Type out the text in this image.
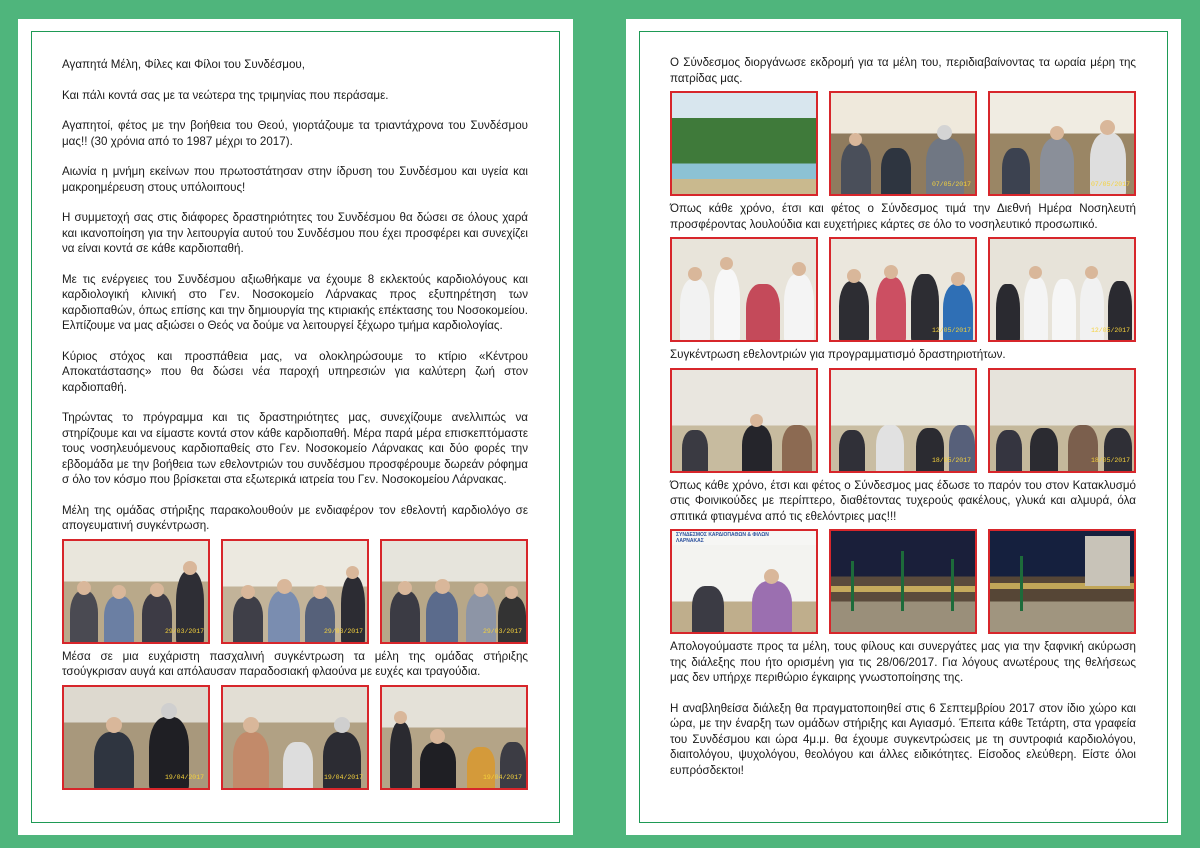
Αγαπητά Μέλη, Φίλες και Φίλοι του Συνδέσμου,

Και πάλι κοντά σας με τα νεώτερα της τριμηνίας που περάσαμε.

Αγαπητοί, φέτος με την βοήθεια του Θεού, γιορτάζουμε τα τριαντάχρονα του Συνδέσμου μας!! (30 χρόνια από το 1987 μέχρι το 2017).

Αιωνία η μνήμη εκείνων που πρωτοστάτησαν στην ίδρυση του Συνδέσμου και υγεία και μακροημέρευση στους υπόλοιπους!

Η συμμετοχή σας στις διάφορες δραστηριότητες του Συνδέσμου θα δώσει σε όλους χαρά και ικανοποίηση για την λειτουργία αυτού του Συνδέσμου που έχει προσφέρει και συνεχίζει να είναι κοντά σε κάθε καρδιοπαθή.

Με τις ενέργειες του Συνδέσμου αξιωθήκαμε να έχουμε 8 εκλεκτούς καρδιολόγους και καρδιολογική κλινική στο Γεν. Νοσοκομείο Λάρνακας προς εξυπηρέτηση των καρδιοπαθών, όπως επίσης και την δημιουργία της κτιριακής επέκτασης του Νοσοκομείου. Ελπίζουμε να μας αξιώσει ο Θεός να δούμε να λειτουργεί ξέχωρο τμήμα καρδιολογίας.

Κύριος στόχος και προσπάθεια μας, να ολοκληρώσουμε το κτίριο «Κέντρου Αποκατάστασης» που θα δώσει νέα παροχή υπηρεσιών για καλύτερη ζωή στον καρδιοπαθή.

Τηρώντας το πρόγραμμα και τις δραστηριότητες μας, συνεχίζουμε ανελλιπώς να στηρίζουμε και να είμαστε κοντά στον κάθε καρδιοπαθή. Μέρα παρά μέρα επισκεπτόμαστε τους νοσηλευόμενους καρδιοπαθείς στο Γεν. Νοσοκομείο Λάρνακας και δύο φορές την εβδομάδα με την βοήθεια των εθελοντριών του συνδέσμου προσφέρουμε δωρεάν ρόφημα σ όλο τον κόσμο που βρίσκεται στα εξωτερικά ιατρεία του Γεν. Νοσοκομείου Λάρνακας.

Μέλη της ομάδας στήριξης παρακολουθούν με ενδιαφέρον τον εθελοντή καρδιολόγο σε απογευματινή συγκέντρωση.

29/03/2017	29/03/2017	29/03/2017

Μέσα σε μια ευχάριστη πασχαλινή συγκέντρωση τα μέλη της ομάδας στήριξης τσούγκρισαν αυγά και απόλαυσαν παραδοσιακή φλαούνα με ευχές και τραγούδια.

19/04/2017	19/04/2017	19/04/2017

Ο Σύνδεσμος διοργάνωσε εκδρομή για τα μέλη του, περιδιαβαίνοντας τα ωραία μέρη της πατρίδας μας.

07/05/2017	07/05/2017

Όπως κάθε χρόνο, έτσι και φέτος ο Σύνδεσμος τιμά την Διεθνή Ημέρα Νοσηλευτή προσφέροντας λουλούδια και ευχετήριες κάρτες σε όλο το νοσηλευτικό προσωπικό.

12/05/2017	12/05/2017

Συγκέντρωση εθελοντριών για προγραμματισμό δραστηριοτήτων.

18/05/2017	18/05/2017

Όπως κάθε χρόνο, έτσι και φέτος ο Σύνδεσμος μας έδωσε το παρόν του στον Κατακλυσμό στις Φοινικούδες με περίπτερο, διαθέτοντας τυχερούς φακέλους, γλυκά και αλμυρά, όλα σπιτικά φτιαγμένα από τις εθελόντριες μας!!!

ΣΥΝΔΕΣΜΟΣ ΚΑΡΔΙΟΠΑΘΩΝ & ΦΙΛΩΝ ΛΑΡΝΑΚΑΣ

Απολογούμαστε προς τα μέλη, τους φίλους και συνεργάτες μας για την ξαφνική ακύρωση της διάλεξης που ήτο ορισμένη για τις 28/06/2017. Για λόγους ανωτέρους της θελήσεως μας δεν υπήρχε περιθώριο έγκαιρης γνωστοποίησης της.

Η αναβληθείσα διάλεξη θα πραγματοποιηθεί στις 6 Σεπτεμβρίου 2017 στον ίδιο χώρο και ώρα, με την έναρξη των ομάδων στήριξης και Αγιασμό. Έπειτα κάθε Τετάρτη, στα γραφεία του Συνδέσμου και ώρα 4μ.μ. θα έχουμε συγκεντρώσεις με τη συντροφιά καρδιολόγου, διαιτολόγου, ψυχολόγου, θεολόγου και άλλες ειδικότητες. Είσοδος ελεύθερη. Είστε όλοι ευπρόσδεκτοι!
